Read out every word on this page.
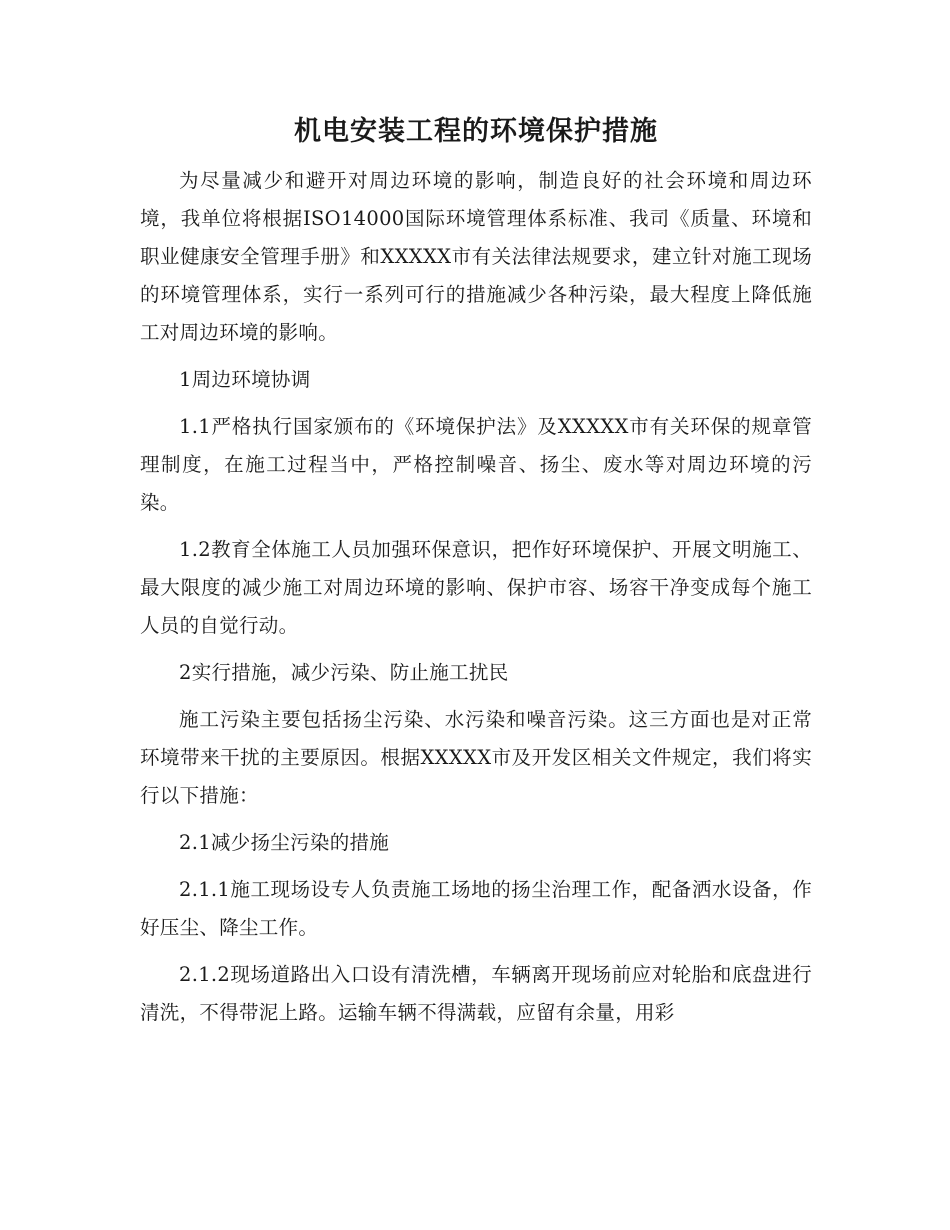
机电安装工程的环境保护措施

为尽量减少和避开对周边环境的影响，制造良好的社会环境和周边环境，我单位将根据ISO14000国际环境管理体系标准、我司《质量、环境和职业健康安全管理手册》和XXXXX市有关法律法规要求，建立针对施工现场的环境管理体系，实行一系列可行的措施减少各种污染，最大程度上降低施工对周边环境的影响。

1周边环境协调

1.1严格执行国家颁布的《环境保护法》及XXXXX市有关环保的规章管理制度，在施工过程当中，严格控制噪音、扬尘、废水等对周边环境的污染。

1.2教育全体施工人员加强环保意识，把作好环境保护、开展文明施工、最大限度的减少施工对周边环境的影响、保护市容、场容干净变成每个施工人员的自觉行动。

2实行措施，减少污染、防止施工扰民

施工污染主要包括扬尘污染、水污染和噪音污染。这三方面也是对正常环境带来干扰的主要原因。根据XXXXX市及开发区相关文件规定，我们将实行以下措施：

2.1减少扬尘污染的措施

2.1.1施工现场设专人负责施工场地的扬尘治理工作，配备洒水设备，作好压尘、降尘工作。

2.1.2现场道路出入口设有清洗槽，车辆离开现场前应对轮胎和底盘进行清洗，不得带泥上路。运输车辆不得满载，应留有余量，用彩
